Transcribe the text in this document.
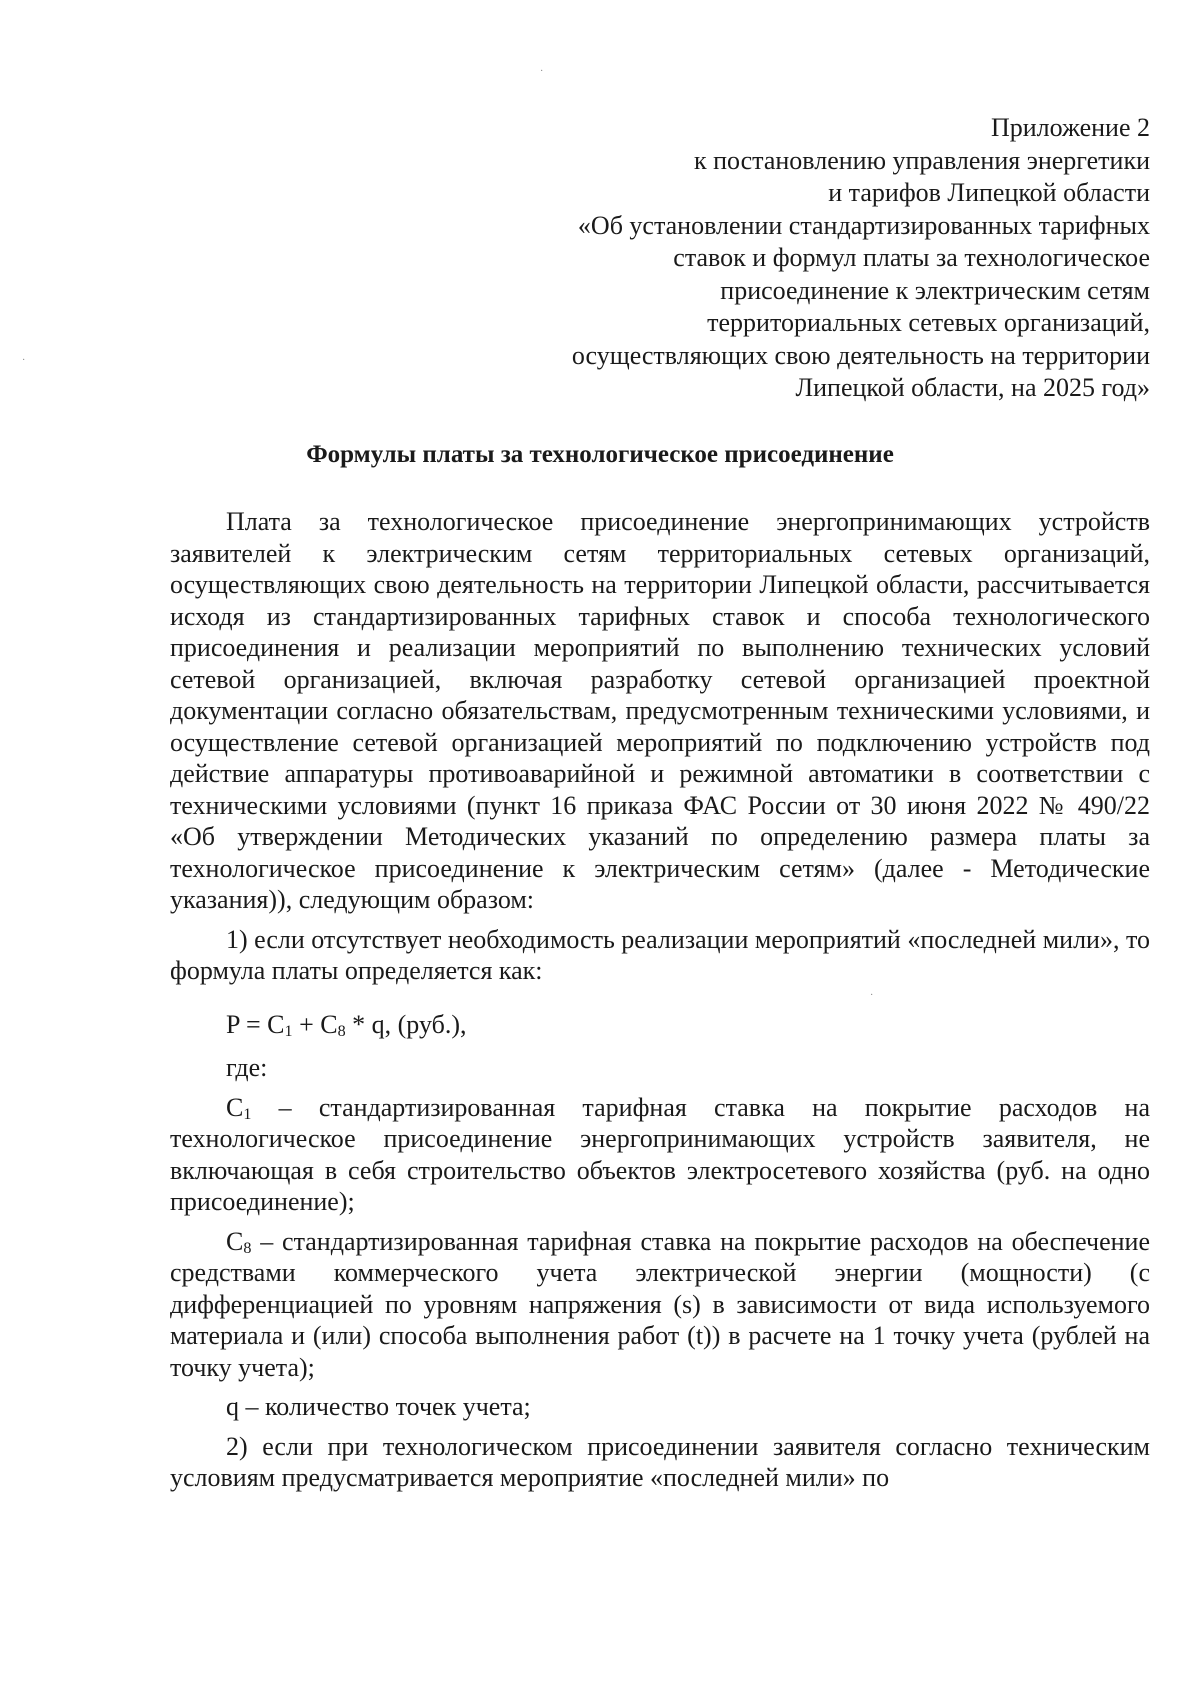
Приложение 2
к постановлению управления энергетики
и тарифов Липецкой области
«Об установлении стандартизированных тарифных
ставок и формул платы за технологическое
присоединение к электрическим сетям
территориальных сетевых организаций,
осуществляющих свою деятельность на территории
Липецкой области, на 2025 год»
Формулы платы за технологическое присоединение

Плата за технологическое присоединение энергопринимающих устройств заявителей к электрическим сетям территориальных сетевых организаций, осуществляющих свою деятельность на территории Липецкой области, рассчитывается исходя из стандартизированных тарифных ставок и способа технологического присоединения и реализации мероприятий по выполнению технических условий сетевой организацией, включая разработку сетевой организацией проектной документации согласно обязательствам, предусмотренным техническими условиями, и осуществление сетевой организацией мероприятий по подключению устройств под действие аппаратуры противоаварийной и режимной автоматики в соответствии с техническими условиями (пункт 16 приказа ФАС России от 30 июня 2022 № 490/22 «Об утверждении Методических указаний по определению размера платы за технологическое присоединение к электрическим сетям» (далее - Методические указания)), следующим образом:

1) если отсутствует необходимость реализации мероприятий «последней мили», то формула платы определяется как:

$P = C_1 + C_8 * q$, (руб.),

где:

$C_1$ – стандартизированная тарифная ставка на покрытие расходов на технологическое присоединение энергопринимающих устройств заявителя, не включающая в себя строительство объектов электросетевого хозяйства (руб. на одно присоединение);

$C_8$ – стандартизированная тарифная ставка на покрытие расходов на обеспечение средствами коммерческого учета электрической энергии (мощности) (с дифференциацией по уровням напряжения (s) в зависимости от вида используемого материала и (или) способа выполнения работ (t)) в расчете на 1 точку учета (рублей на точку учета);

q – количество точек учета;

2) если при технологическом присоединении заявителя согласно техническим условиям предусматривается мероприятие «последней мили» по

·
·
·
